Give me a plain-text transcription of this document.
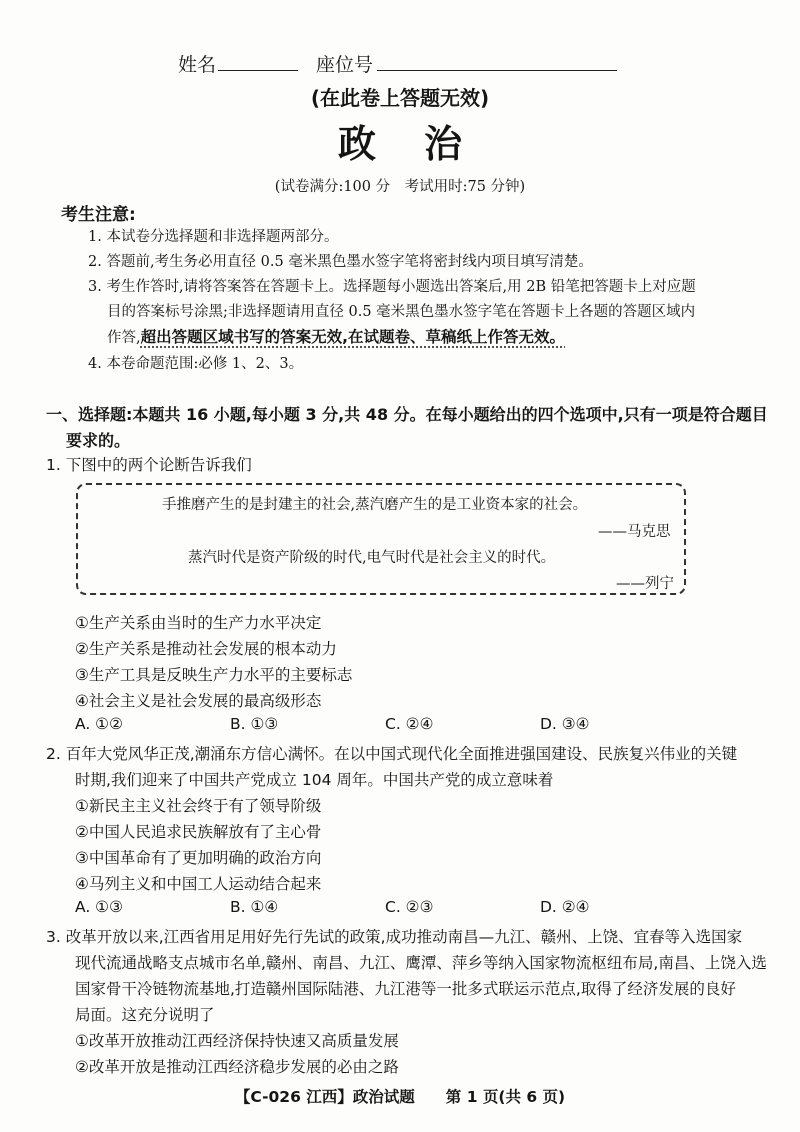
姓名	座位号
(在此卷上答题无效)
政治
(试卷满分:100 分　考试用时:75 分钟)
考生注意:
1. 本试卷分选择题和非选择题两部分。
2. 答题前,考生务必用直径 0.5 毫米黑色墨水签字笔将密封线内项目填写清楚。
3. 考生作答时,请将答案答在答题卡上。选择题每小题选出答案后,用 2B 铅笔把答题卡上对应题
目的答案标号涂黑;非选择题请用直径 0.5 毫米黑色墨水签字笔在答题卡上各题的答题区域内
作答,超出答题区域书写的答案无效,在试题卷、草稿纸上作答无效。
4. 本卷命题范围:必修 1、2、3。
一、选择题:本题共 16 小题,每小题 3 分,共 48 分。在每小题给出的四个选项中,只有一项是符合题目
要求的。
1. 下图中的两个论断告诉我们
手推磨产生的是封建主的社会,蒸汽磨产生的是工业资本家的社会。
——马克思
蒸汽时代是资产阶级的时代,电气时代是社会主义的时代。
——列宁
①生产关系由当时的生产力水平决定
②生产关系是推动社会发展的根本动力
③生产工具是反映生产力水平的主要标志
④社会主义是社会发展的最高级形态
A. ①②	B. ①③	C. ②④	D. ③④
2. 百年大党风华正茂,潮涌东方信心满怀。在以中国式现代化全面推进强国建设、民族复兴伟业的关键
时期,我们迎来了中国共产党成立 104 周年。中国共产党的成立意味着
①新民主主义社会终于有了领导阶级
②中国人民追求民族解放有了主心骨
③中国革命有了更加明确的政治方向
④马列主义和中国工人运动结合起来
A. ①③	B. ①④	C. ②③	D. ②④
3. 改革开放以来,江西省用足用好先行先试的政策,成功推动南昌—九江、赣州、上饶、宜春等入选国家
现代流通战略支点城市名单,赣州、南昌、九江、鹰潭、萍乡等纳入国家物流枢纽布局,南昌、上饶入选
国家骨干冷链物流基地,打造赣州国际陆港、九江港等一批多式联运示范点,取得了经济发展的良好
局面。这充分说明了
①改革开放推动江西经济保持快速又高质量发展
②改革开放是推动江西经济稳步发展的必由之路
【C-026 江西】政治试题　　 第 1 页(共 6 页)
